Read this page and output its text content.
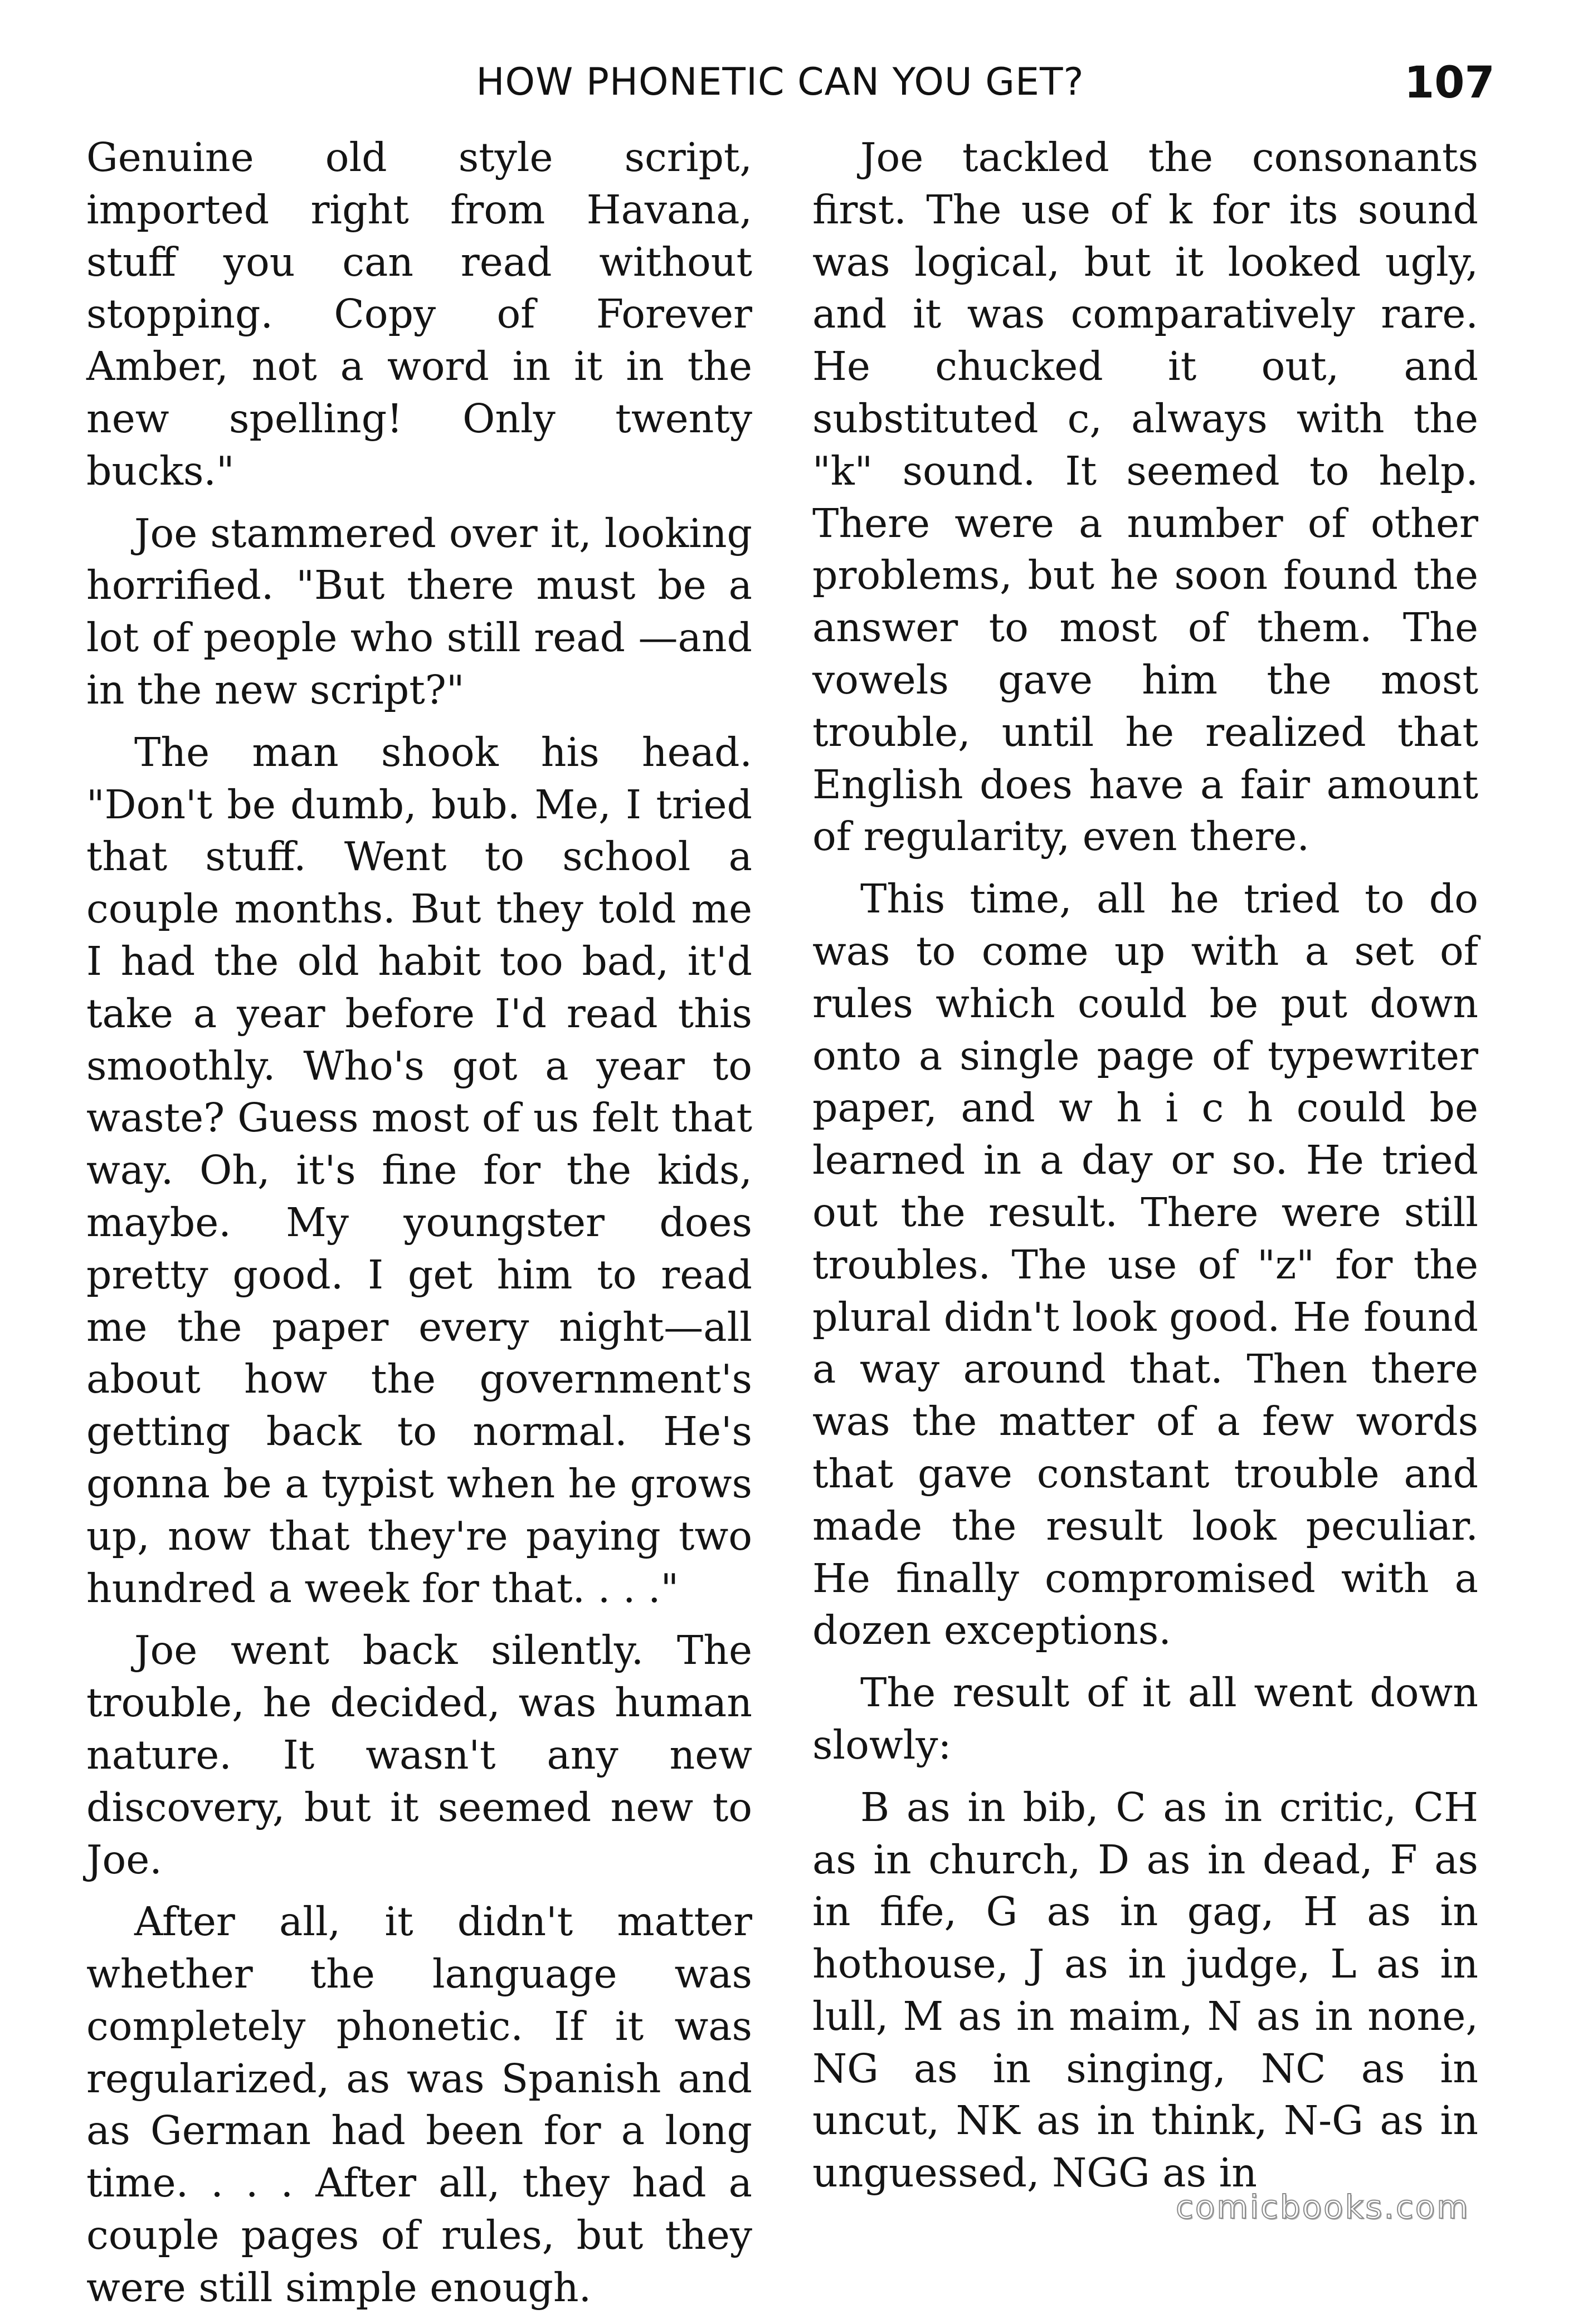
HOW PHONETIC CAN YOU GET?	107

Genuine old style script, imported right from Havana, stuff you can read without stopping. Copy of Forever Amber, not a word in it in the new spelling! Only twenty bucks."

Joe stammered over it, looking horrified. "But there must be a lot of people who still read —and in the new script?"

The man shook his head. "Don't be dumb, bub. Me, I tried that stuff. Went to school a couple months. But they told me I had the old habit too bad, it'd take a year before I'd read this smoothly. Who's got a year to waste? Guess most of us felt that way. Oh, it's fine for the kids, maybe. My youngster does pretty good. I get him to read me the paper every night—all about how the government's getting back to normal. He's gonna be a typist when he grows up, now that they're paying two hundred a week for that. . . ."

Joe went back silently. The trouble, he decided, was human nature. It wasn't any new discovery, but it seemed new to Joe.

After all, it didn't matter whether the language was completely phonetic. If it was regularized, as was Spanish and as German had been for a long time. . . . After all, they had a couple pages of rules, but they were still simple enough.

Joe tackled the consonants first. The use of k for its sound was logical, but it looked ugly, and it was comparatively rare. He chucked it out, and substituted c, always with the "k" sound. It seemed to help. There were a number of other problems, but he soon found the answer to most of them. The vowels gave him the most trouble, until he realized that English does have a fair amount of regularity, even there.

This time, all he tried to do was to come up with a set of rules which could be put down onto a single page of typewriter paper, and w h i c h could be learned in a day or so. He tried out the result. There were still troubles. The use of "z" for the plural didn't look good. He found a way around that. Then there was the matter of a few words that gave constant trouble and made the result look peculiar. He finally compromised with a dozen exceptions.

The result of it all went down slowly:

B as in bib, C as in critic, CH as in church, D as in dead, F as in fife, G as in gag, H as in hothouse, J as in judge, L as in lull, M as in maim, N as in none, NG as in singing, NC as in uncut, NK as in think, N-G as in unguessed, NGG as in

comicbooks.com
